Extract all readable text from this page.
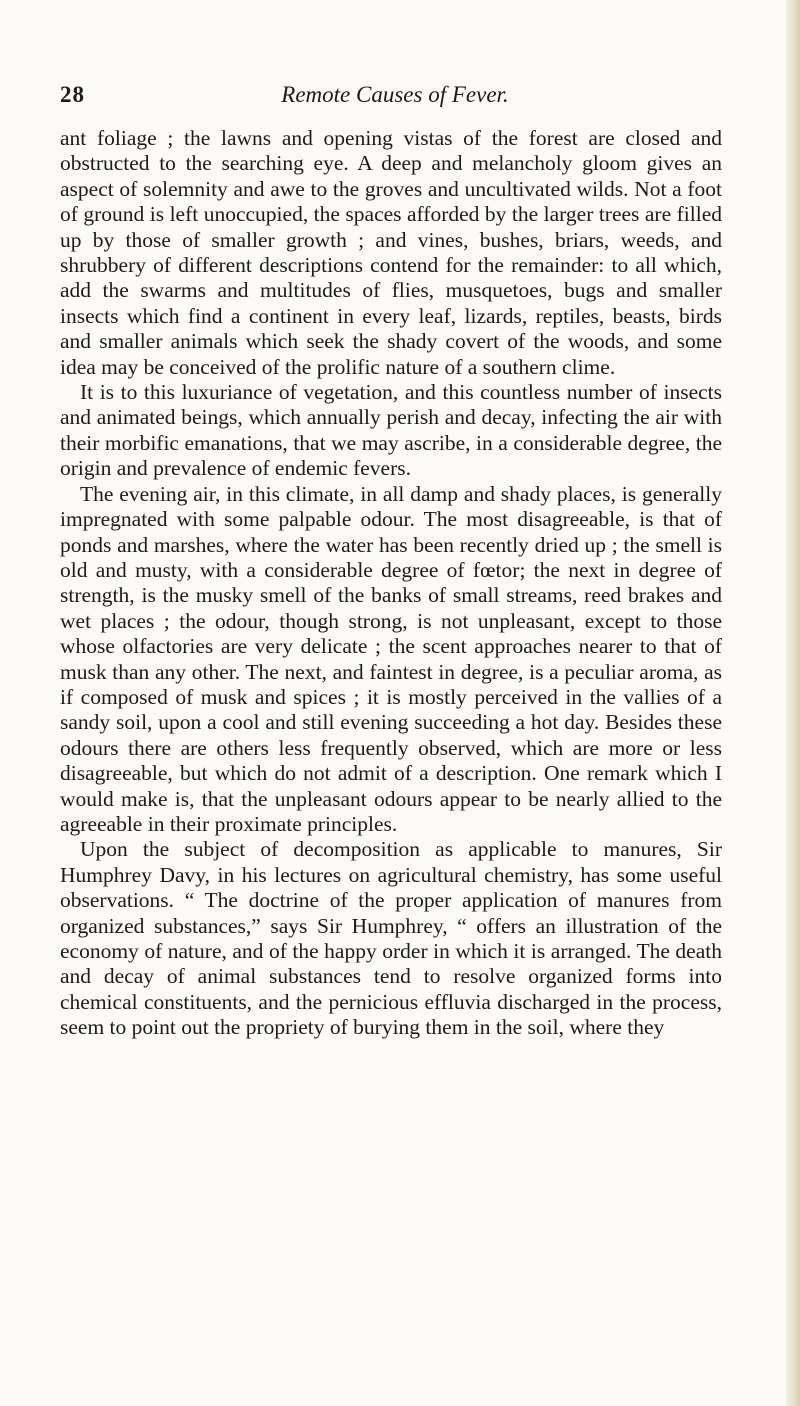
28	Remote Causes of Fever.

ant foliage ; the lawns and opening vistas of the forest are closed and obstructed to the searching eye. A deep and melancholy gloom gives an aspect of solemnity and awe to the groves and uncultivated wilds. Not a foot of ground is left unoccupied, the spaces afforded by the larger trees are filled up by those of smaller growth ; and vines, bushes, briars, weeds, and shrubbery of different descriptions contend for the remainder: to all which, add the swarms and multitudes of flies, musquetoes, bugs and smaller insects which find a continent in every leaf, lizards, reptiles, beasts, birds and smaller animals which seek the shady covert of the woods, and some idea may be conceived of the prolific nature of a southern clime.

It is to this luxuriance of vegetation, and this countless number of insects and animated beings, which annually perish and decay, infecting the air with their morbific emanations, that we may ascribe, in a considerable degree, the origin and prevalence of endemic fevers.

The evening air, in this climate, in all damp and shady places, is generally impregnated with some palpable odour. The most disagreeable, is that of ponds and marshes, where the water has been recently dried up ; the smell is old and musty, with a considerable degree of fœtor; the next in degree of strength, is the musky smell of the banks of small streams, reed brakes and wet places ; the odour, though strong, is not unpleasant, except to those whose olfactories are very delicate ; the scent approaches nearer to that of musk than any other. The next, and faintest in degree, is a peculiar aroma, as if composed of musk and spices ; it is mostly perceived in the vallies of a sandy soil, upon a cool and still evening succeeding a hot day. Besides these odours there are others less frequently observed, which are more or less disagreeable, but which do not admit of a description. One remark which I would make is, that the unpleasant odours appear to be nearly allied to the agreeable in their proximate principles.

Upon the subject of decomposition as applicable to manures, Sir Humphrey Davy, in his lectures on agricultural chemistry, has some useful observations. “ The doctrine of the proper application of manures from organized substances,” says Sir Humphrey, “ offers an illustration of the economy of nature, and of the happy order in which it is arranged. The death and decay of animal substances tend to resolve organized forms into chemical constituents, and the pernicious effluvia discharged in the process, seem to point out the propriety of burying them in the soil, where they
